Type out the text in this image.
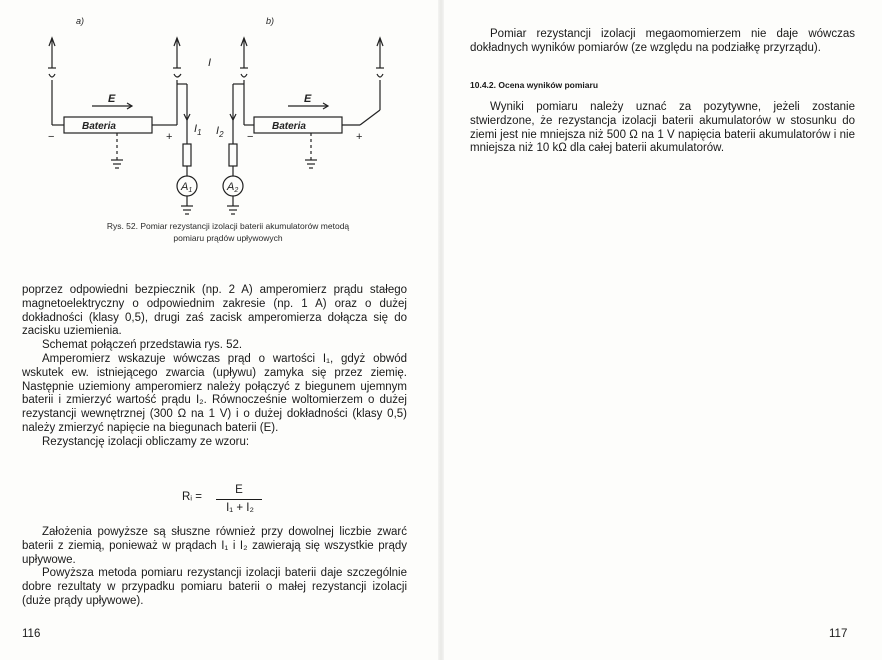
a)	b)
I
E	E
Bateria	Bateria
−	+	−	+
$I_1$ $I_2$
A1	A2
Rys. 52. Pomiar rezystancji izolacji baterii akumulatorów metodą
pomiaru prądów upływowych

poprzez odpowiedni bezpiecznik (np. 2 A) amperomierz prądu stałego magnetoelektryczny o odpowiednim zakresie (np. 1 A) oraz o dużej dokładności (klasy 0,5), drugi zaś zacisk amperomierza dołącza się do zacisku uziemienia.

Schemat połączeń przedstawia rys. 52.

Amperomierz wskazuje wówczas prąd o wartości I₁, gdyż obwód wskutek ew. istniejącego zwarcia (upływu) zamyka się przez ziemię. Następnie uziemiony amperomierz należy połączyć z biegunem ujemnym baterii i zmierzyć wartość prądu I₂. Równocześnie woltomierzem o dużej rezystancji wewnętrznej (300 Ω na 1 V) i o dużej dokładności (klasy 0,5) należy zmierzyć napięcie na biegunach baterii (E).

Rezystancję izolacji obliczamy ze wzoru:

Rᵢ =
E
I₁ + I₂

Założenia powyższe są słuszne również przy dowolnej liczbie zwarć baterii z ziemią, ponieważ w prądach I₁ i I₂ zawierają się wszystkie prądy upływowe.

Powyższa metoda pomiaru rezystancji izolacji baterii daje szczególnie dobre rezultaty w przypadku pomiaru baterii o małej rezystancji izolacji (duże prądy upływowe).

116

Pomiar rezystancji izolacji megaomomierzem nie daje wówczas dokładnych wyników pomiarów (ze względu na podziałkę przyrządu).

10.4.2. Ocena wyników pomiaru

Wyniki pomiaru należy uznać za pozytywne, jeżeli zostanie stwierdzone, że rezystancja izolacji baterii akumulatorów w stosunku do ziemi jest nie mniejsza niż 500 Ω na 1 V napięcia baterii akumulatorów i nie mniejsza niż 10 kΩ dla całej baterii akumulatorów.

117
